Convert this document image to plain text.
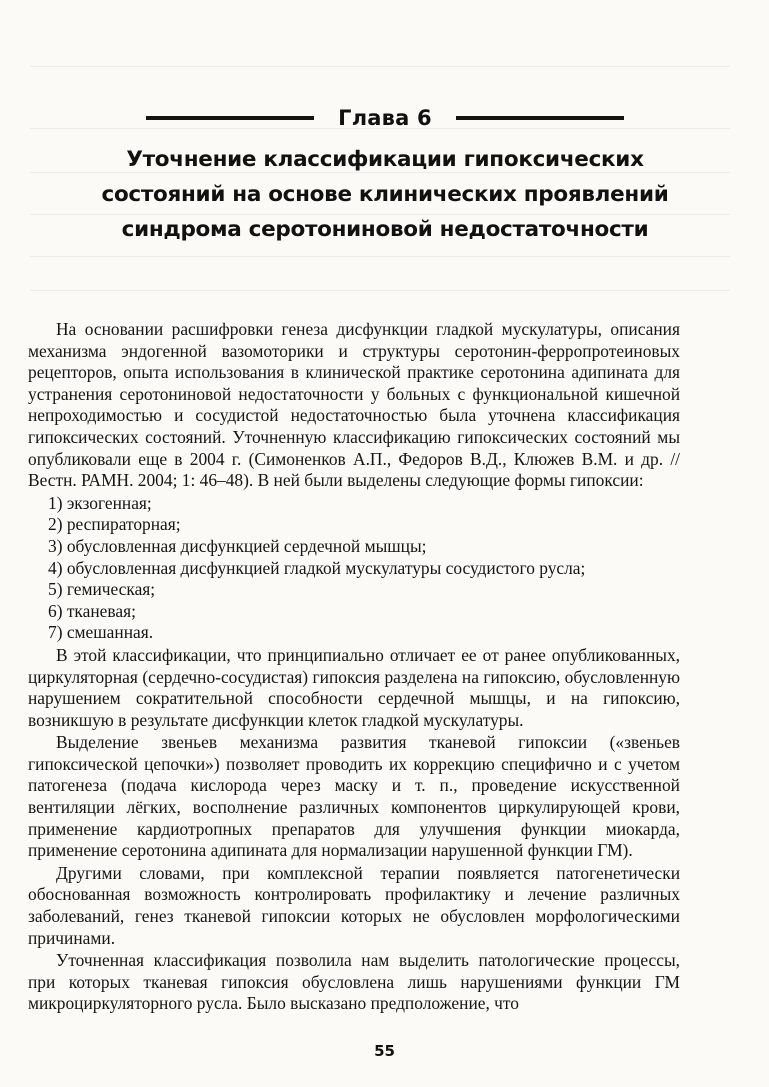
Глава 6
Уточнение классификации гипоксических
состояний на основе клинических проявлений
синдрома серотониновой недостаточности

На основании расшифровки генеза дисфункции гладкой мускулатуры, описания механизма эндогенной вазомоторики и структуры серотонин-ферропротеиновых рецепторов, опыта использования в клинической практике серотонина адипината для устранения серотониновой недостаточности у больных с функциональной кишечной непроходимостью и сосудистой недостаточностью была уточнена классификация гипоксических состояний. Уточненную классификацию гипоксических состояний мы опубликовали еще в 2004 г. (Симоненков А.П., Федоров В.Д., Клюжев В.М. и др. // Вестн. РАМН. 2004; 1: 46–48). В ней были выделены следующие формы гипоксии:

1) экзогенная;
2) респираторная;
3) обусловленная дисфункцией сердечной мышцы;
4) обусловленная дисфункцией гладкой мускулатуры сосудистого русла;
5) гемическая;
6) тканевая;
7) смешанная.

В этой классификации, что принципиально отличает ее от ранее опубликованных, циркуляторная (сердечно-сосудистая) гипоксия разделена на гипоксию, обусловленную нарушением сократительной способности сердечной мышцы, и на гипоксию, возникшую в результате дисфункции клеток гладкой мускулатуры.

Выделение звеньев механизма развития тканевой гипоксии («звеньев гипоксической цепочки») позволяет проводить их коррекцию специфично и с учетом патогенеза (подача кислорода через маску и т. п., проведение искусственной вентиляции лёгких, восполнение различных компонентов циркулирующей крови, применение кардиотропных препаратов для улучшения функции миокарда, применение серотонина адипината для нормализации нарушенной функции ГМ).

Другими словами, при комплексной терапии появляется патогенетически обоснованная возможность контролировать профилактику и лечение различных заболеваний, генез тканевой гипоксии которых не обусловлен морфологическими причинами.

Уточненная классификация позволила нам выделить патологические процессы, при которых тканевая гипоксия обусловлена лишь нарушениями функции ГМ микроциркуляторного русла. Было высказано предположение, что

55
